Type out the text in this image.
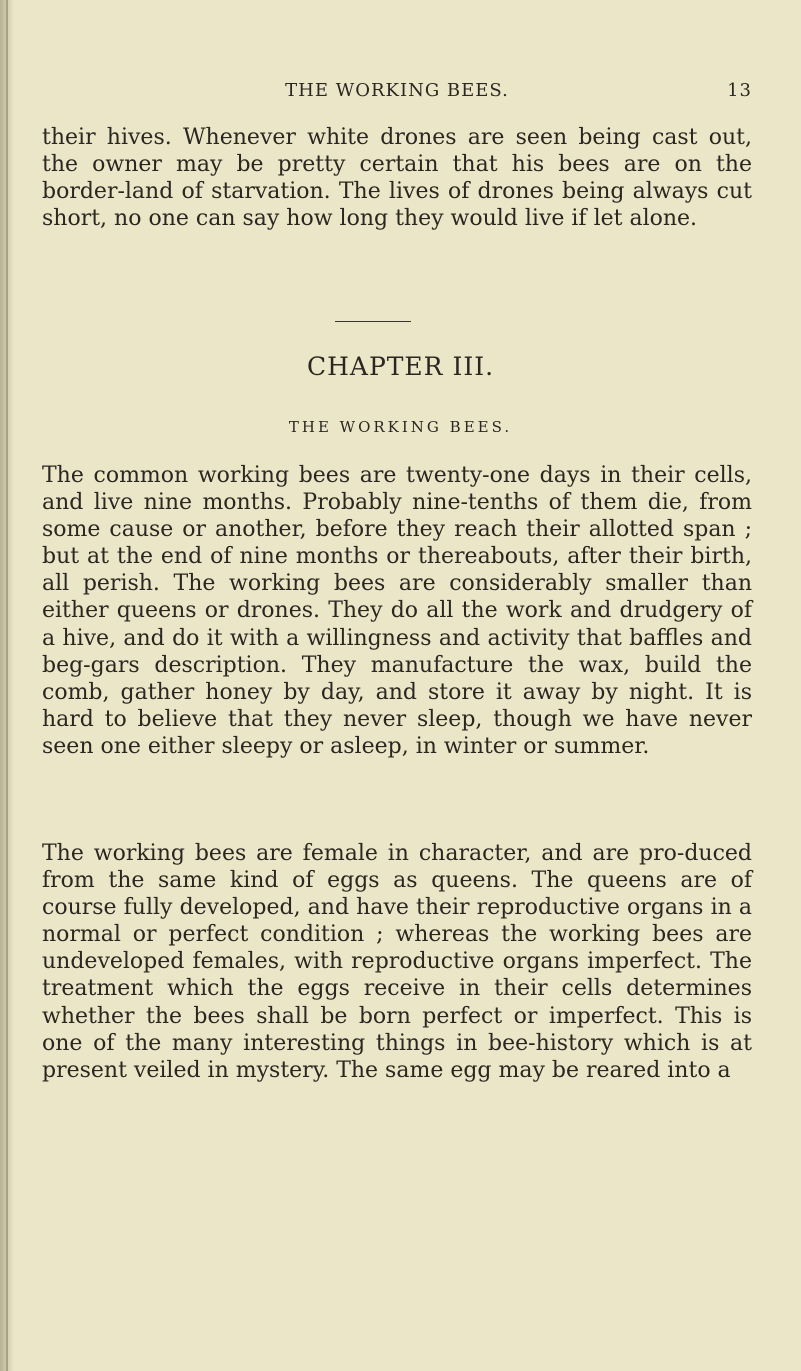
THE WORKING BEES.	13

their hives. Whenever white drones are seen being cast out, the owner may be pretty certain that his bees are on the border-land of starvation. The lives of drones being always cut short, no one can say how long they would live if let alone.

CHAPTER III.
THE WORKING BEES.

The common working bees are twenty-one days in their cells, and live nine months. Probably nine-tenths of them die, from some cause or another, before they reach their allotted span ; but at the end of nine months or thereabouts, after their birth, all perish. The working bees are considerably smaller than either queens or drones. They do all the work and drudgery of a hive, and do it with a willingness and activity that baffles and beg-gars description. They manufacture the wax, build the comb, gather honey by day, and store it away by night. It is hard to believe that they never sleep, though we have never seen one either sleepy or asleep, in winter or summer.

The working bees are female in character, and are pro-duced from the same kind of eggs as queens. The queens are of course fully developed, and have their reproductive organs in a normal or perfect condition ; whereas the working bees are undeveloped females, with reproductive organs imperfect. The treatment which the eggs receive in their cells determines whether the bees shall be born perfect or imperfect. This is one of the many interesting things in bee-history which is at present veiled in mystery. The same egg may be reared into a
